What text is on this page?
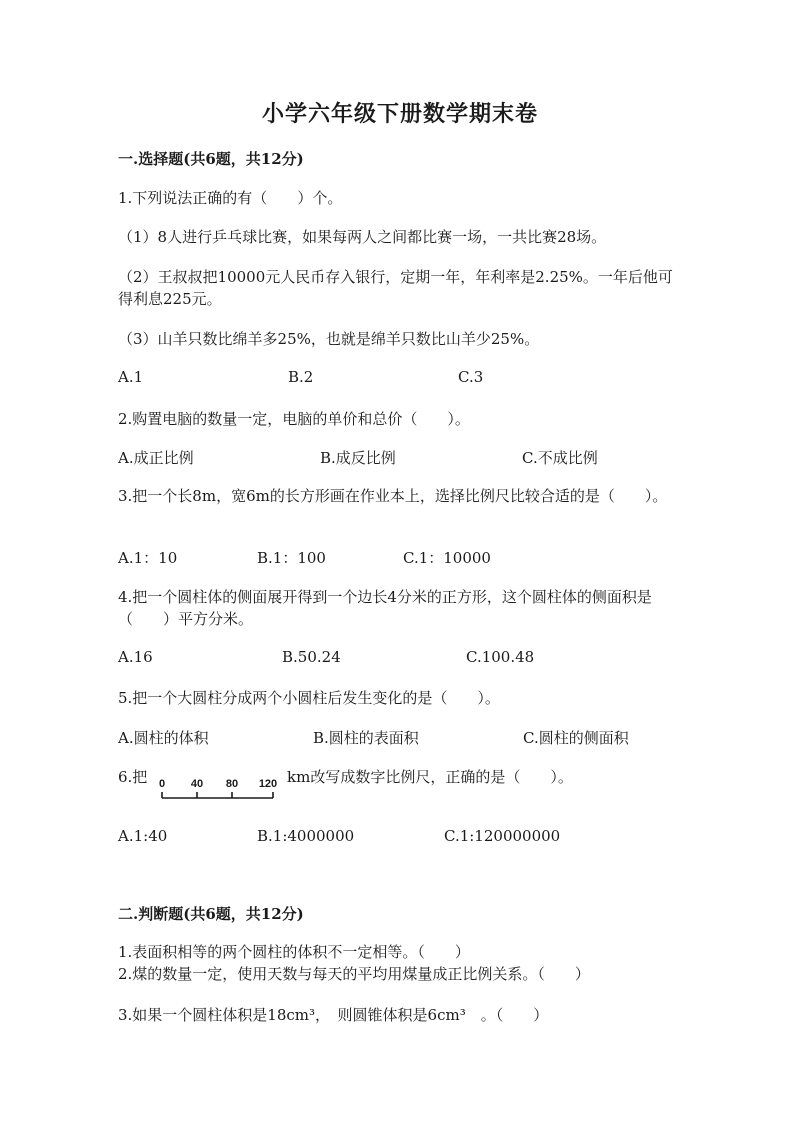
小学六年级下册数学期末卷
一.选择题(共6题，共12分)
1.下列说法正确的有（　　）个。
（1）8人进行乒乓球比赛，如果每两人之间都比赛一场，一共比赛28场。
（2）王叔叔把10000元人民币存入银行，定期一年，年利率是2.25%。一年后他可得利息225元。
（3）山羊只数比绵羊多25%，也就是绵羊只数比山羊少25%。
A.1	B.2	C.3
2.购置电脑的数量一定，电脑的单价和总价（　　）。
A.成正比例	B.成反比例	C.不成比例
3.把一个长8m，宽6m的长方形画在作业本上，选择比例尺比较合适的是（　　）。
A.1：10	B.1：100	C.1：10000
4.把一个圆柱体的侧面展开得到一个边长4分米的正方形，这个圆柱体的侧面积是（　　）平方分米。
A.16	B.50.24	C.100.48
5.把一个大圆柱分成两个小圆柱后发生变化的是（　　）。
A.圆柱的体积	B.圆柱的表面积	C.圆柱的侧面积
6.把 0 40 80 120 km改写成数字比例尺，正确的是（　　）。
A.1:40	B.1:4000000	C.1:120000000
二.判断题(共6题，共12分)
1.表面积相等的两个圆柱的体积不一定相等。（　　）
2.煤的数量一定，使用天数与每天的平均用煤量成正比例关系。（　　）
3.如果一个圆柱体积是18cm³，　则圆锥体积是6cm³　。（　　）
